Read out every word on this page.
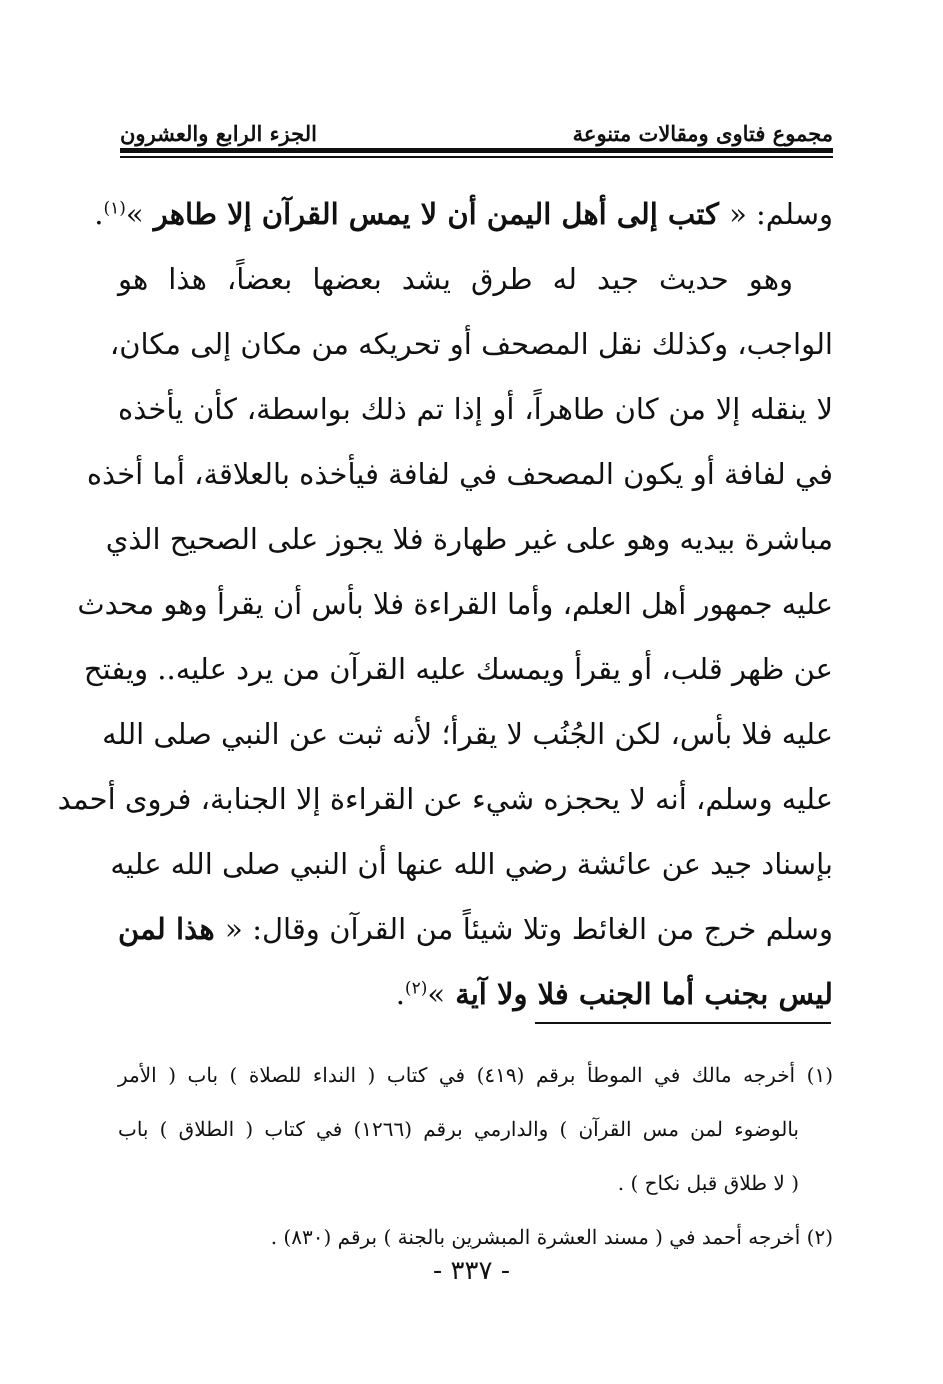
مجموع فتاوى ومقالات متنوعة
الجزء الرابع والعشرون
وسلم: « كتب إلى أهل اليمن أن لا يمس القرآن إلا طاهر »$^{(١)}$.
وهو حديث جيد له طرق يشد بعضها بعضاً، هذا هو
الواجب، وكذلك نقل المصحف أو تحريكه من مكان إلى مكان،
لا ينقله إلا من كان طاهراً، أو إذا تم ذلك بواسطة، كأن يأخذه
في لفافة أو يكون المصحف في لفافة فيأخذه بالعلاقة، أما أخذه
مباشرة بيديه وهو على غير طهارة فلا يجوز على الصحيح الذي
عليه جمهور أهل العلم، وأما القراءة فلا بأس أن يقرأ وهو محدث
عن ظهر قلب، أو يقرأ ويمسك عليه القرآن من يرد عليه.. ويفتح
عليه فلا بأس، لكن الجُنُب لا يقرأ؛ لأنه ثبت عن النبي صلى الله
عليه وسلم، أنه لا يحجزه شيء عن القراءة إلا الجنابة، فروى أحمد
بإسناد جيد عن عائشة رضي الله عنها أن النبي صلى الله عليه
وسلم خرج من الغائط وتلا شيئاً من القرآن وقال: « هذا لمن
ليس بجنب أما الجنب فلا ولا آية »$^{(٢)}$.
(١) أخرجه مالك في الموطأ برقم (٤١٩) في كتاب ( النداء للصلاة ) باب ( الأمر
بالوضوء لمن مس القرآن ) والدارمي برقم (١٢٦٦) في كتاب ( الطلاق ) باب
( لا طلاق قبل نكاح ) .
(٢) أخرجه أحمد في ( مسند العشرة المبشرين بالجنة ) برقم (٨٣٠) .
- ٣٣٧ -
